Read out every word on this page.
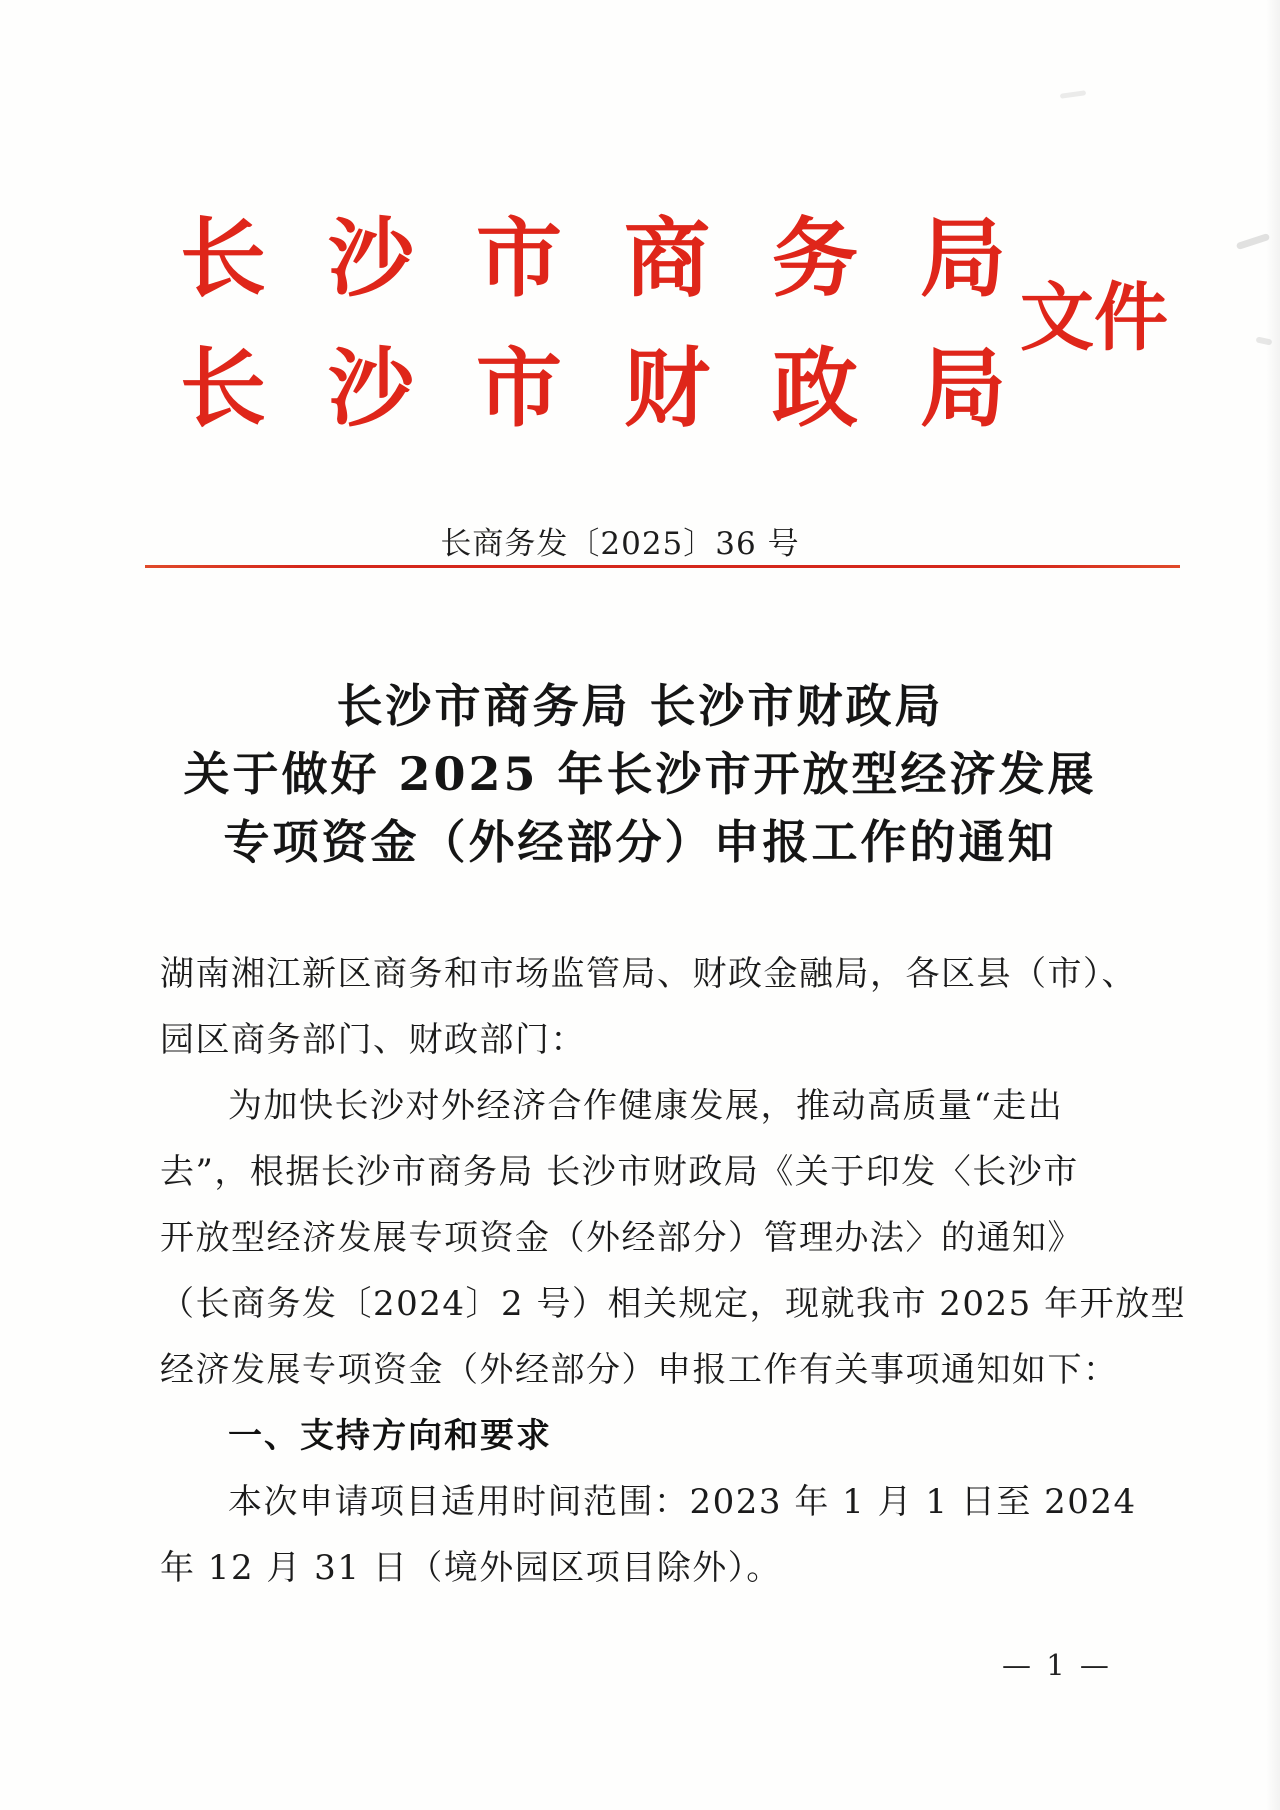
长沙市商务局
长沙市财政局
文件
长商务发〔2025〕36 号
长沙市商务局 长沙市财政局
关于做好 2025 年长沙市开放型经济发展
专项资金（外经部分）申报工作的通知
湖南湘江新区商务和市场监管局、财政金融局，各区县（市）、
园区商务部门、财政部门：
为加快长沙对外经济合作健康发展，推动高质量“走出
去”，根据长沙市商务局 长沙市财政局《关于印发〈长沙市
开放型经济发展专项资金（外经部分）管理办法〉的通知》
（长商务发〔2024〕2 号）相关规定，现就我市 2025 年开放型
经济发展专项资金（外经部分）申报工作有关事项通知如下：
一、支持方向和要求
本次申请项目适用时间范围：2023 年 1 月 1 日至 2024
年 12 月 31 日（境外园区项目除外）。
— 1 —
